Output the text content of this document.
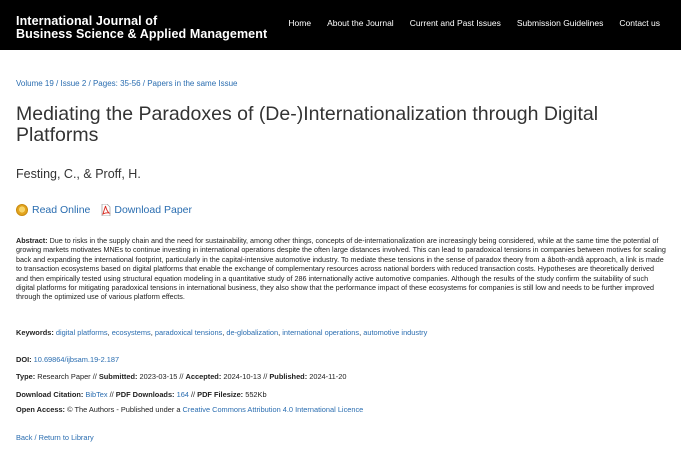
International Journal of
Business Science & Applied Management
Home About the Journal Current and Past Issues Submission Guidelines Contact us
Volume 19 / Issue 2 / Pages: 35-56 / Papers in the same Issue
Mediating the Paradoxes of (De-)Internationalization through Digital Platforms
Festing, C., & Proff, H.
Read Online Download Paper

Abstract: Due to risks in the supply chain and the need for sustainability, among other things, concepts of de-internationalization are increasingly being considered, while at the same time the potential of growing markets motivates MNEs to continue investing in international operations despite the often large distances involved. This can lead to paradoxical tensions in companies between motives for scaling back and expanding the international footprint, particularly in the capital-intensive automotive industry. To mediate these tensions in the sense of paradox theory from a âboth-andâ approach, a link is made to transaction ecosystems based on digital platforms that enable the exchange of complementary resources across national borders with reduced transaction costs. Hypotheses are theoretically derived and then empirically tested using structural equation modeling in a quantitative study of 286 internationally active automotive companies. Although the results of the study confirm the suitability of such digital platforms for mitigating paradoxical tensions in international business, they also show that the performance impact of these ecosystems for companies is still low and needs to be further improved through the optimized use of various platform effects.

Keywords: digital platforms, ecosystems, paradoxical tensions, de-globalization, international operations, automotive industry
DOI: 10.69864/ijbsam.19-2.187
Type: Research Paper // Submitted: 2023-03-15 // Accepted: 2024-10-13 // Published: 2024-11-20
Download Citation: BibTex // PDF Downloads: 164 // PDF Filesize: 552Kb
Open Access: © The Authors - Published under a Creative Commons Attribution 4.0 International Licence
Back / Return to Library
